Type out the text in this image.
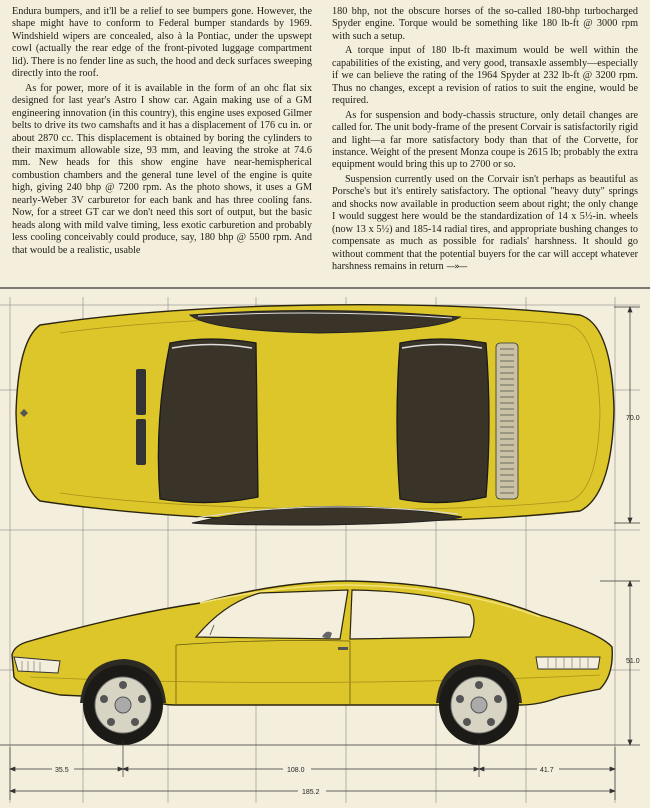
Endura bumpers, and it'll be a relief to see bumpers gone. However, the shape might have to conform to Federal bumper standards by 1969. Windshield wipers are concealed, also à la Pontiac, under the upswept cowl (actually the rear edge of the front-pivoted luggage compartment lid). There is no fender line as such, the hood and deck surfaces sweeping directly into the roof.

As for power, more of it is available in the form of an ohc flat six designed for last year's Astro I show car. Again making use of a GM engineering innovation (in this country), this engine uses exposed Gilmer belts to drive its two camshafts and it has a displacement of 176 cu in. or about 2870 cc. This displacement is obtained by boring the cylinders to their maximum allowable size, 93 mm, and leaving the stroke at 74.6 mm. New heads for this show engine have near-hemispherical combustion chambers and the general tune level of the engine is quite high, giving 240 bhp @ 7200 rpm. As the photo shows, it uses a GM nearly-Weber 3V carburetor for each bank and has three cooling fans. Now, for a street GT car we don't need this sort of output, but the basic heads along with mild valve timing, less exotic carburetion and probably less cooling conceivably could produce, say, 180 bhp @ 5500 rpm. And that would be a realistic, usable

180 bhp, not the obscure horses of the so-called 180-bhp turbocharged Spyder engine. Torque would be something like 180 lb-ft @ 3000 rpm with such a setup.

A torque input of 180 lb-ft maximum would be well within the capabilities of the existing, and very good, transaxle assembly—especially if we can believe the rating of the 1964 Spyder at 232 lb-ft @ 3200 rpm. Thus no changes, except a revision of ratios to suit the engine, would be required.

As for suspension and body-chassis structure, only detail changes are called for. The unit body-frame of the present Corvair is satisfactorily rigid and light—a far more satisfactory body than that of the Corvette, for instance. Weight of the present Monza coupe is 2615 lb; probably the extra equipment would bring this up to 2700 or so.

Suspension currently used on the Corvair isn't perhaps as beautiful as Porsche's but it's entirely satisfactory. The optional "heavy duty" springs and shocks now available in production seem about right; the only change I would suggest here would be the standardization of 14 x 5½-in. wheels (now 13 x 5½) and 185-14 radial tires, and appropriate bushing changes to compensate as much as possible for radials' harshness. It should go without comment that the potential buyers for the car will accept whatever harshness remains in return —»—

70.0
51.0
35.5	108.0	41.7
185.2
